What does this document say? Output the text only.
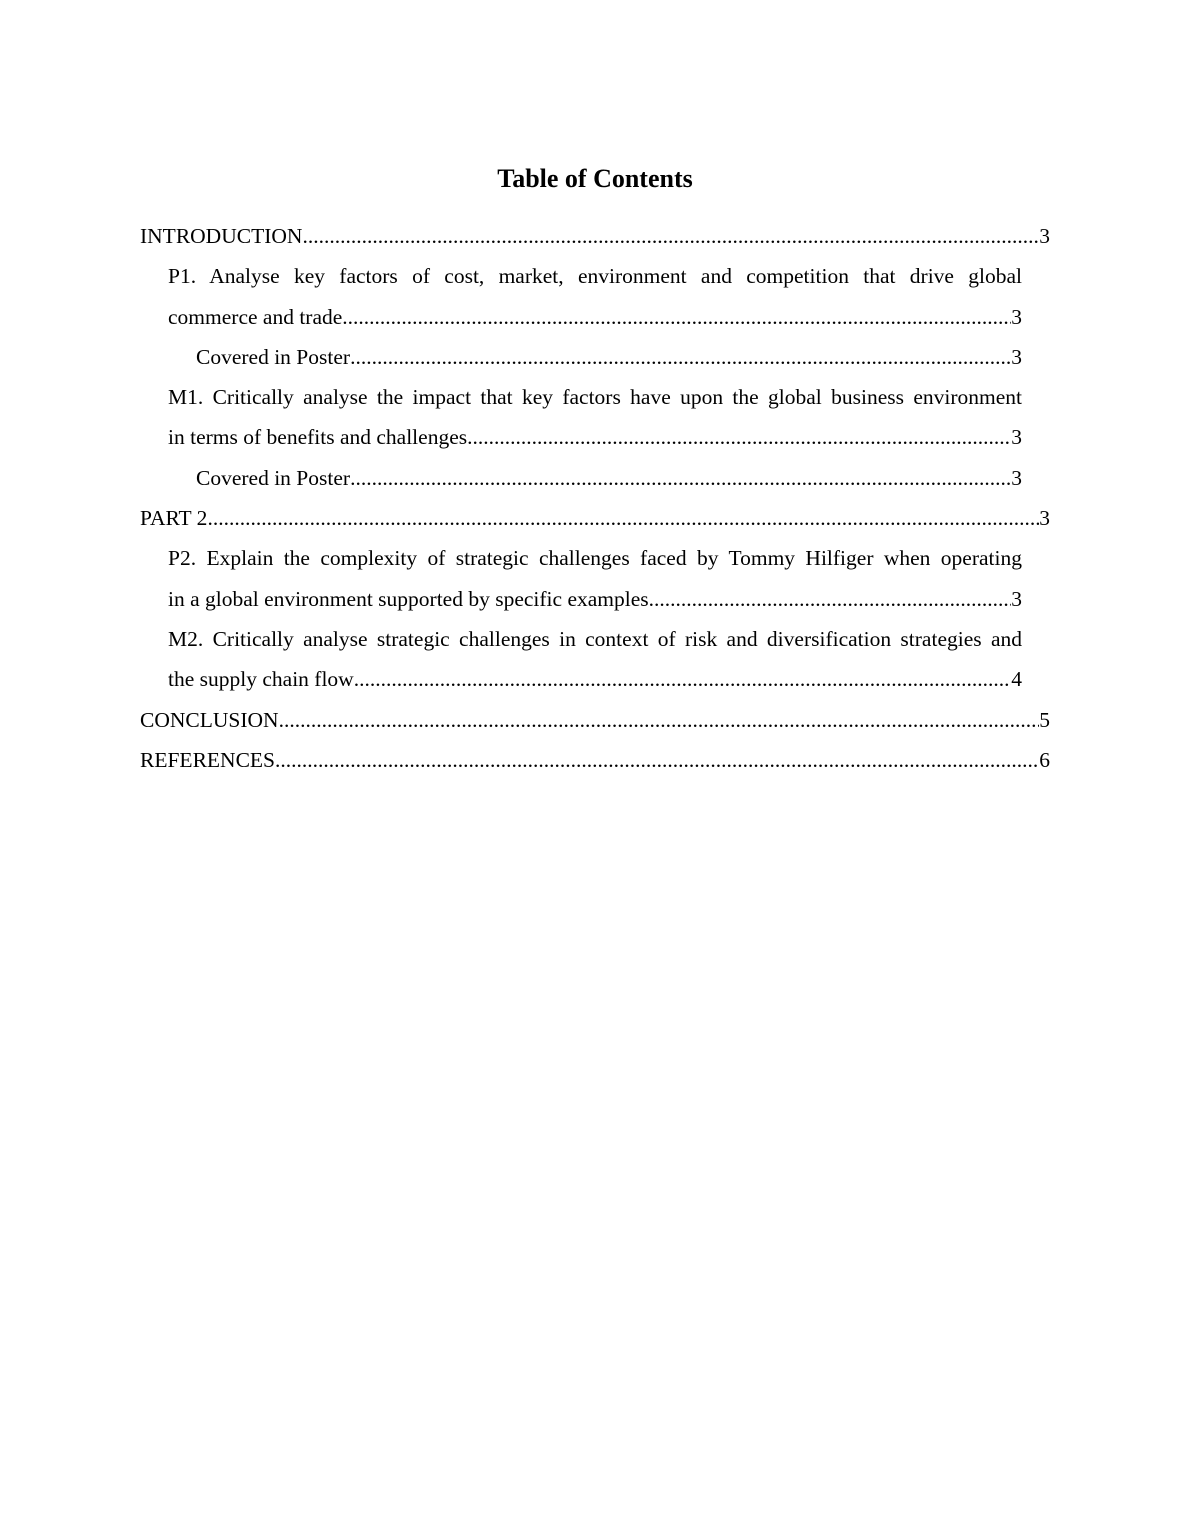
Table of Contents
INTRODUCTION .....	3
P1. Analyse key factors of cost, market, environment and competition that drive global
commerce and trade .....	3
Covered in Poster .....	3
M1. Critically analyse the impact that key factors have upon the global business environment
in terms of benefits and challenges .....	3
Covered in Poster .....	3
PART 2 .....	3
P2. Explain the complexity of strategic challenges faced by Tommy Hilfiger when operating
in a global environment supported by specific examples .....	3
M2. Critically analyse strategic challenges in context of risk and diversification strategies and
the supply chain flow .....	4
CONCLUSION .....	5
REFERENCES .....	6
